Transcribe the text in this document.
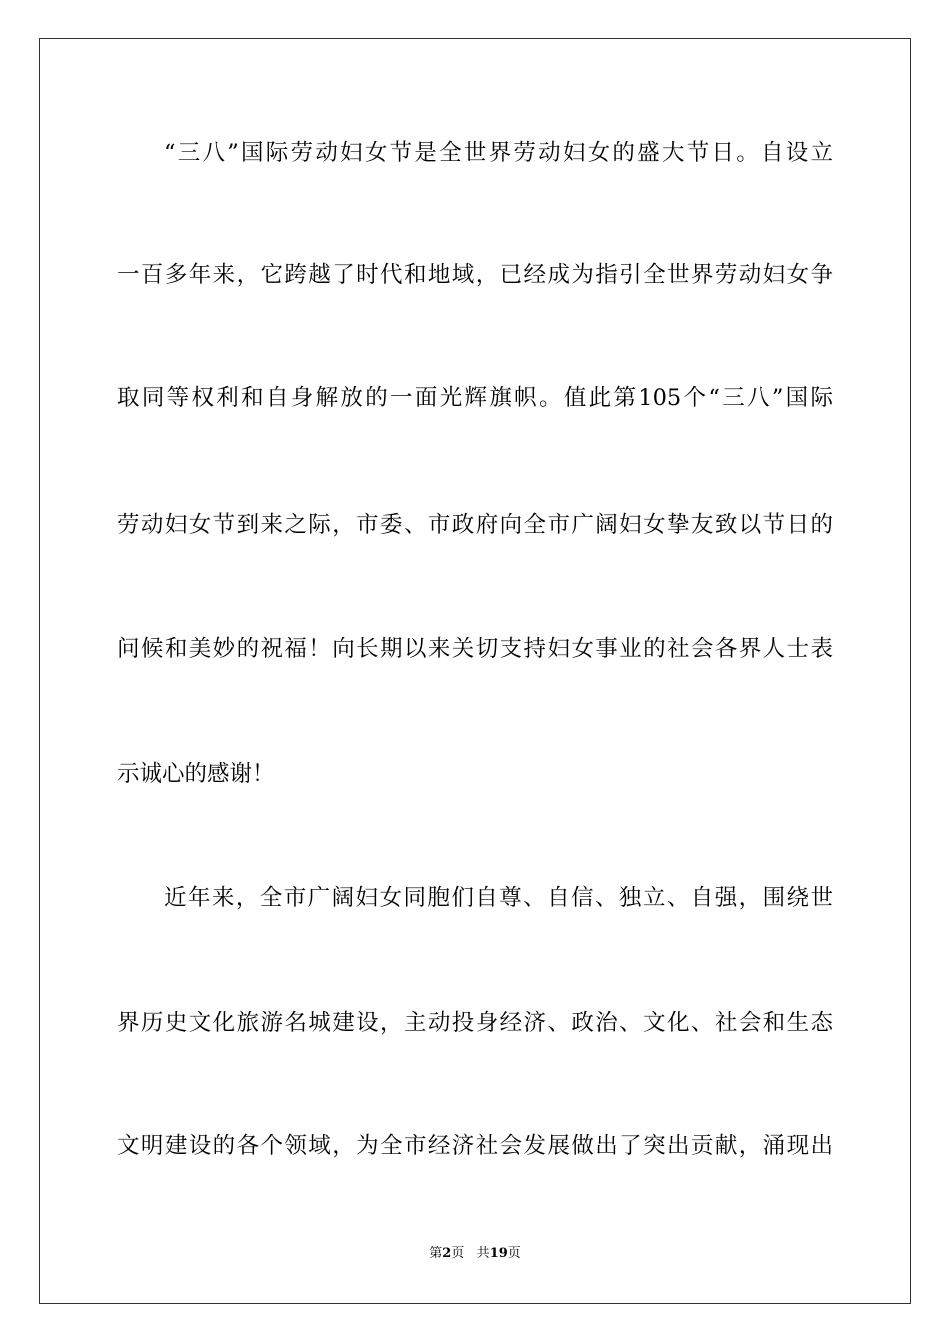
“三八”国际劳动妇女节是全世界劳动妇女的盛大节日。自设立
一百多年来，它跨越了时代和地域，已经成为指引全世界劳动妇女争
取同等权利和自身解放的一面光辉旗帜。值此第105个“三八”国际
劳动妇女节到来之际，市委、市政府向全市广阔妇女挚友致以节日的
问候和美妙的祝福！向长期以来关切支持妇女事业的社会各界人士表
示诚心的感谢！
近年来，全市广阔妇女同胞们自尊、自信、独立、自强，围绕世
界历史文化旅游名城建设，主动投身经济、政治、文化、社会和生态
文明建设的各个领域，为全市经济社会发展做出了突出贡献，涌现出
第2页 共19页
